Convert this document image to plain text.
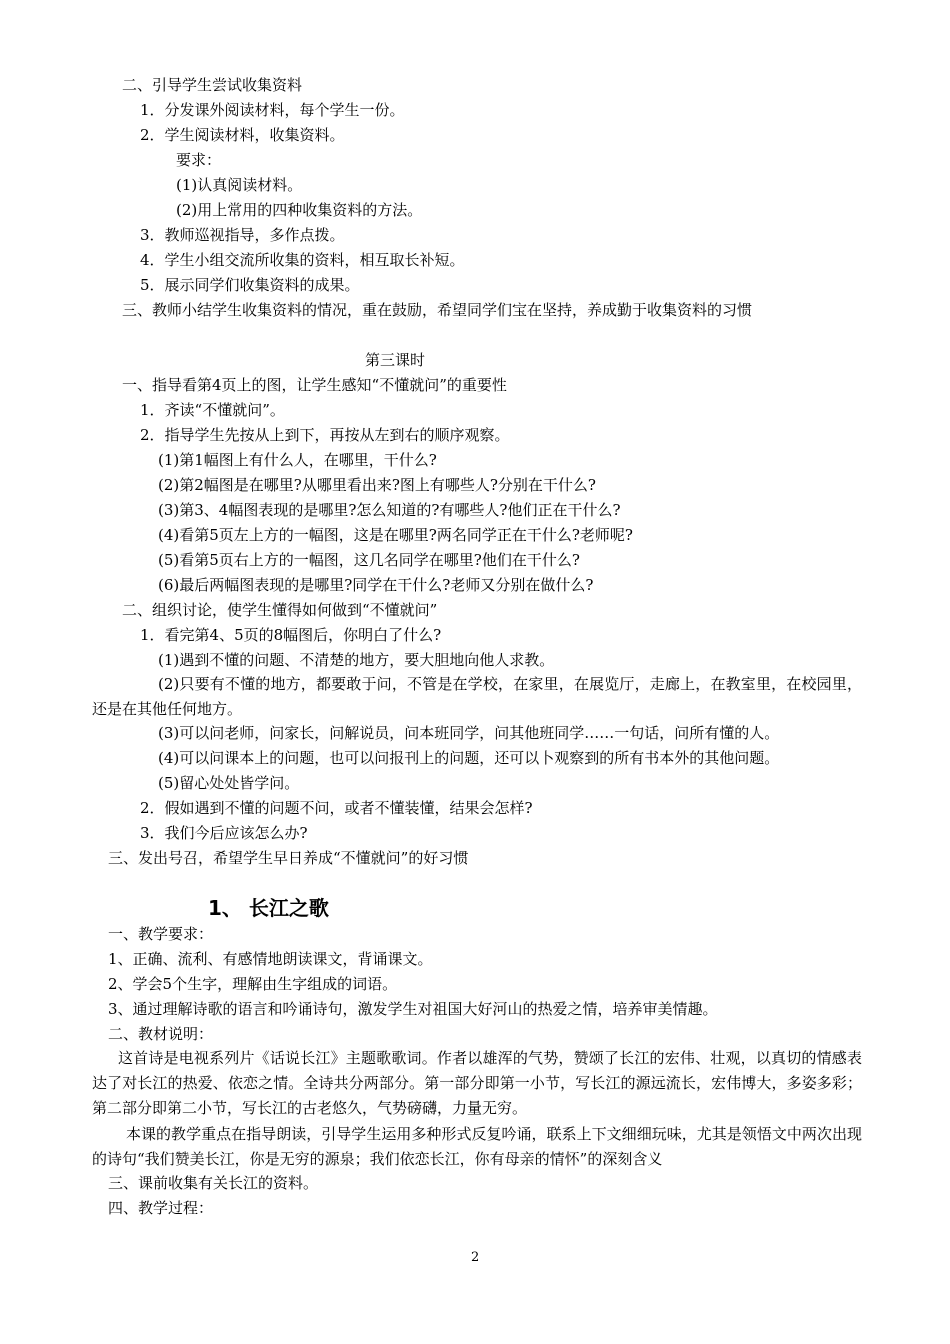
二、引导学生尝试收集资料
1．分发课外阅读材料，每个学生一份。
2．学生阅读材料，收集资料。
要求：
(1)认真阅读材料。
(2)用上常用的四种收集资料的方法。
3．教师巡视指导，多作点拨。
4．学生小组交流所收集的资料，相互取长补短。
5．展示同学们收集资料的成果。
三、教师小结学生收集资料的情况，重在鼓励，希望同学们宝在坚持，养成勤于收集资料的习惯
第三课时
一、指导看第4页上的图，让学生感知“不懂就问”的重要性
1．齐读“不懂就问”。
2．指导学生先按从上到下，再按从左到右的顺序观察。
(1)第1幅图上有什么人，在哪里，干什么?
(2)第2幅图是在哪里?从哪里看出来?图上有哪些人?分别在干什么?
(3)第3、4幅图表现的是哪里?怎么知道的?有哪些人?他们正在干什么?
(4)看第5页左上方的一幅图，这是在哪里?两名同学正在干什么?老师呢?
(5)看第5页右上方的一幅图，这几名同学在哪里?他们在干什么?
(6)最后两幅图表现的是哪里?同学在干什么?老师又分别在做什么?
二、组织讨论，使学生懂得如何做到“不懂就问”
1．看完第4、5页的8幅图后，你明白了什么?
(1)遇到不懂的问题、不清楚的地方，要大胆地向他人求教。
(2)只要有不懂的地方，都要敢于问，不管是在学校，在家里，在展览厅，走廊上，在教室里，在校园里，还是在其他任何地方。
(3)可以问老师，问家长，问解说员，问本班同学，问其他班同学……一句话，问所有懂的人。
(4)可以问课本上的问题，也可以问报刊上的问题，还可以卜观察到的所有书本外的其他问题。
(5)留心处处皆学问。
2．假如遇到不懂的问题不问，或者不懂装懂，结果会怎样?
3．我们今后应该怎么办?
三、发出号召，希望学生早日养成“不懂就问”的好习惯
1、 长江之歌
一、教学要求：
1、正确、流利、有感情地朗读课文，背诵课文。
2、学会5个生字，理解由生字组成的词语。
3、通过理解诗歌的语言和吟诵诗句，激发学生对祖国大好河山的热爱之情，培养审美情趣。
二、教材说明：
这首诗是电视系列片《话说长江》主题歌歌词。作者以雄浑的气势，赞颂了长江的宏伟、壮观，以真切的情感表达了对长江的热爱、依恋之情。全诗共分两部分。第一部分即第一小节，写长江的源远流长，宏伟博大，多姿多彩；第二部分即第二小节，写长江的古老悠久，气势磅礴，力量无穷。
本课的教学重点在指导朗读，引导学生运用多种形式反复吟诵，联系上下文细细玩味，尤其是领悟文中两次出现的诗句“我们赞美长江，你是无穷的源泉；我们依恋长江，你有母亲的情怀”的深刻含义
三、课前收集有关长江的资料。
四、教学过程：
2
